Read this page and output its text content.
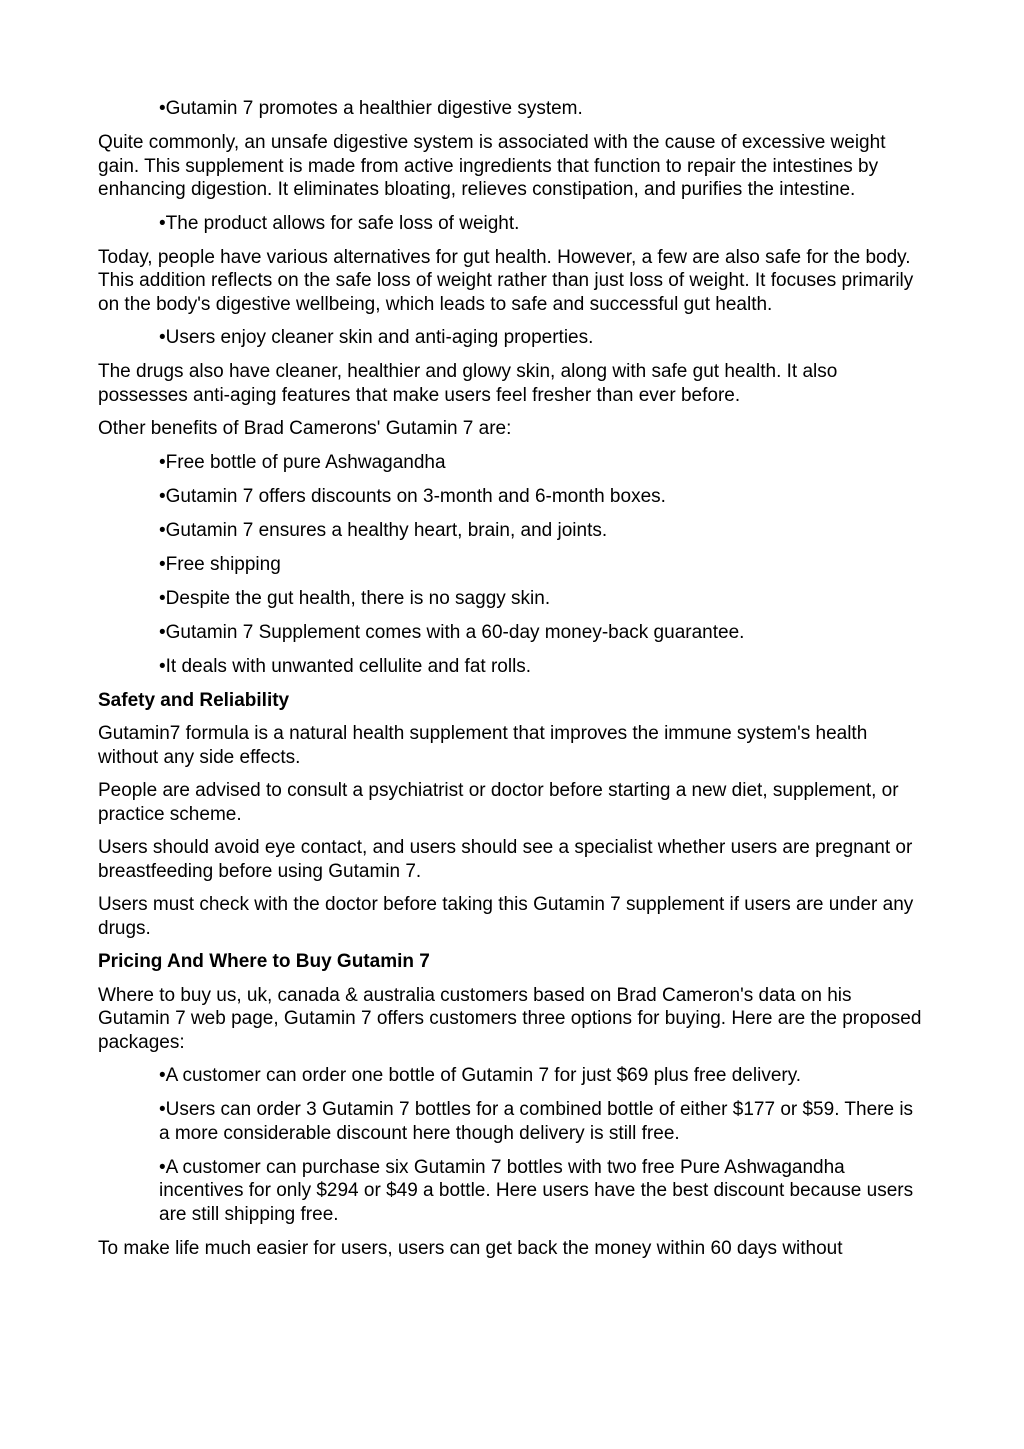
•Gutamin 7 promotes a healthier digestive system.
Quite commonly, an unsafe digestive system is associated with the cause of excessive weight gain. This supplement is made from active ingredients that function to repair the intestines by enhancing digestion. It eliminates bloating, relieves constipation, and purifies the intestine.
•The product allows for safe loss of weight.
Today, people have various alternatives for gut health. However, a few are also safe for the body. This addition reflects on the safe loss of weight rather than just loss of weight. It focuses primarily on the body's digestive wellbeing, which leads to safe and successful gut health.
•Users enjoy cleaner skin and anti-aging properties.
The drugs also have cleaner, healthier and glowy skin, along with safe gut health. It also possesses anti-aging features that make users feel fresher than ever before.
Other benefits of Brad Camerons' Gutamin 7 are:
•Free bottle of pure Ashwagandha
•Gutamin 7 offers discounts on 3-month and 6-month boxes.
•Gutamin 7 ensures a healthy heart, brain, and joints.
•Free shipping
•Despite the gut health, there is no saggy skin.
•Gutamin 7 Supplement comes with a 60-day money-back guarantee.
•It deals with unwanted cellulite and fat rolls.
Safety and Reliability
Gutamin7 formula is a natural health supplement that improves the immune system's health without any side effects.
People are advised to consult a psychiatrist or doctor before starting a new diet, supplement, or practice scheme.
Users should avoid eye contact, and users should see a specialist whether users are pregnant or breastfeeding before using Gutamin 7.
Users must check with the doctor before taking this Gutamin 7 supplement if users are under any drugs.
Pricing And Where to Buy Gutamin 7
Where to buy us, uk, canada & australia customers based on Brad Cameron's data on his Gutamin 7 web page, Gutamin 7 offers customers three options for buying. Here are the proposed packages:
•A customer can order one bottle of Gutamin 7 for just $69 plus free delivery.
•Users can order 3 Gutamin 7 bottles for a combined bottle of either $177 or $59. There is a more considerable discount here though delivery is still free.
•A customer can purchase six Gutamin 7 bottles with two free Pure Ashwagandha incentives for only $294 or $49 a bottle. Here users have the best discount because users are still shipping free.
To make life much easier for users, users can get back the money within 60 days without
